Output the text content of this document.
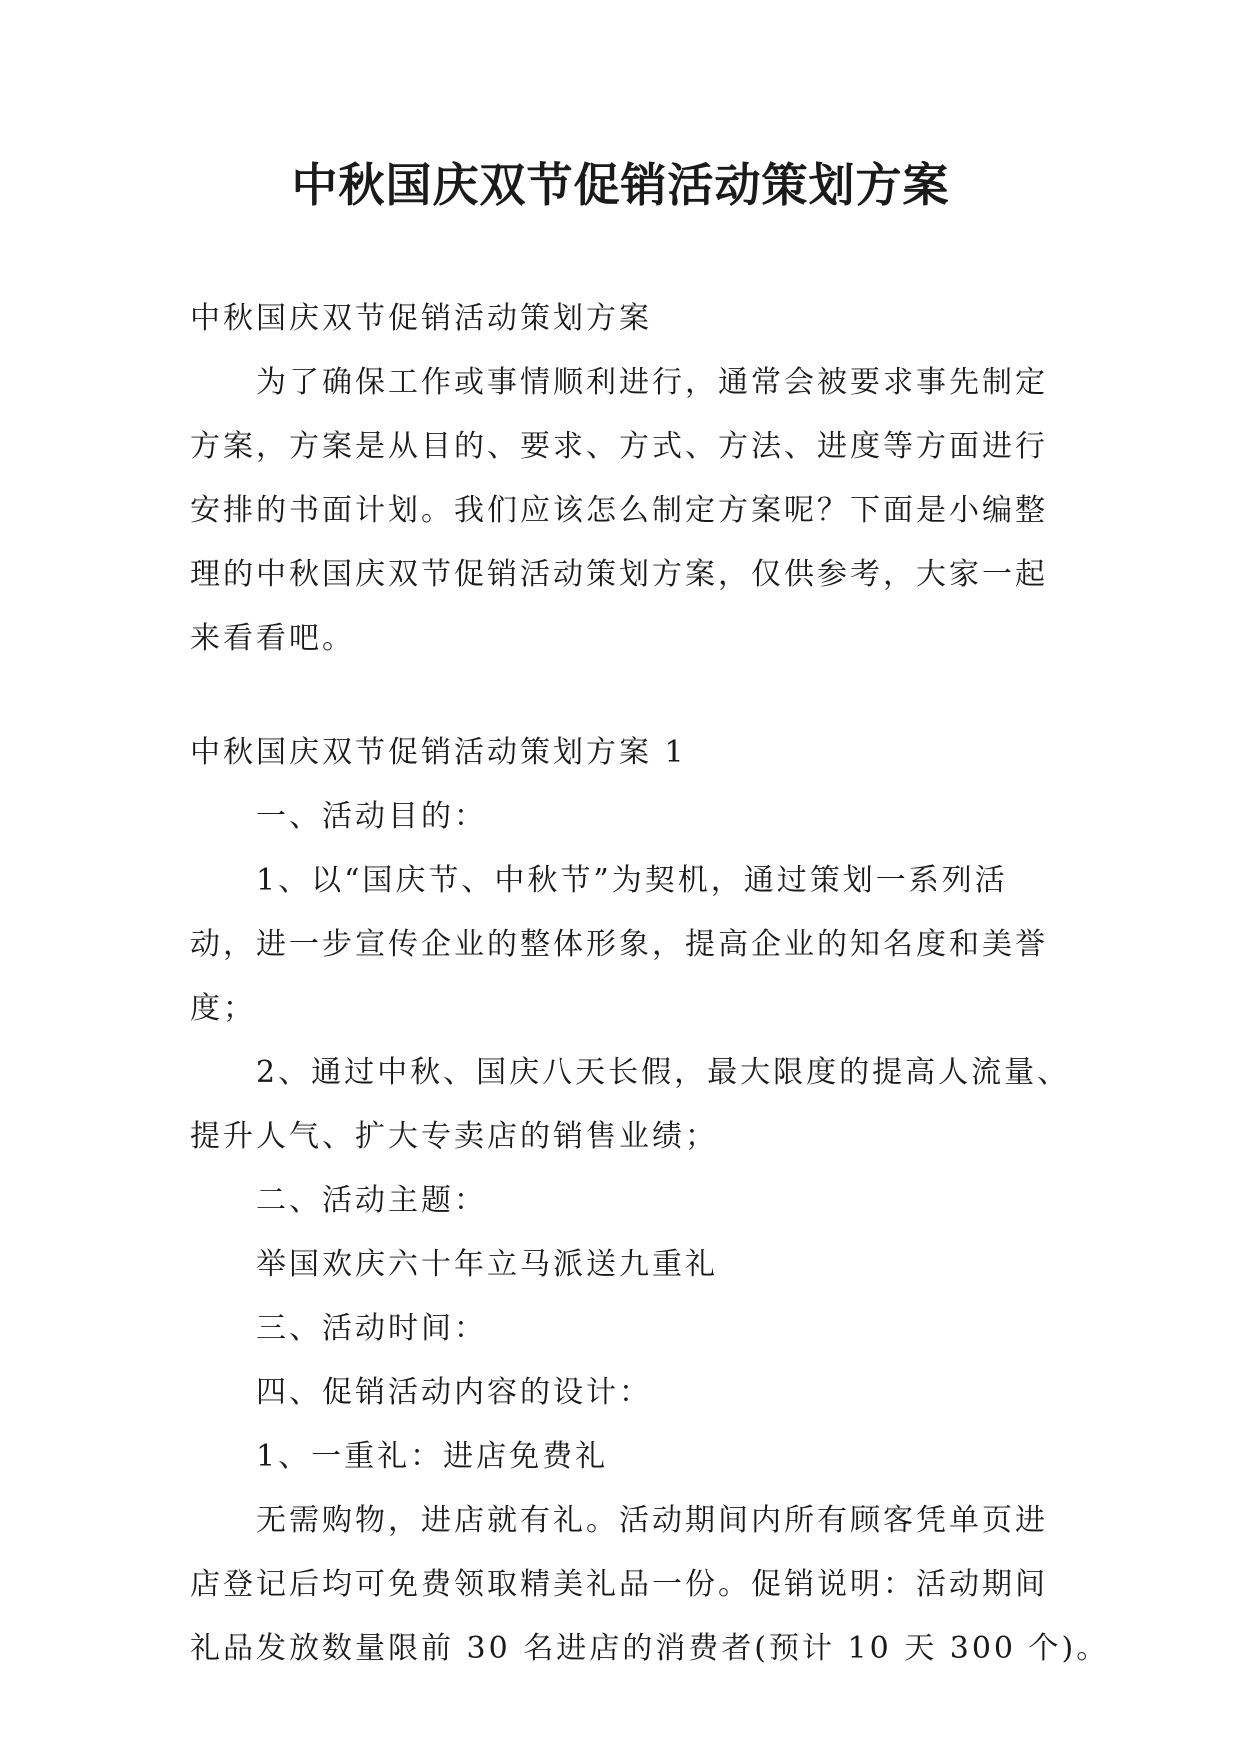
中秋国庆双节促销活动策划方案

中秋国庆双节促销活动策划方案

为了确保工作或事情顺利进行，通常会被要求事先制定

方案，方案是从目的、要求、方式、方法、进度等方面进行

安排的书面计划。我们应该怎么制定方案呢？下面是小编整

理的中秋国庆双节促销活动策划方案，仅供参考，大家一起

来看看吧。

中秋国庆双节促销活动策划方案 1

一、活动目的：

1、以“国庆节、中秋节”为契机，通过策划一系列活

动，进一步宣传企业的整体形象，提高企业的知名度和美誉

度；

2、通过中秋、国庆八天长假，最大限度的提高人流量、

提升人气、扩大专卖店的销售业绩；

二、活动主题：

举国欢庆六十年立马派送九重礼

三、活动时间：

四、促销活动内容的设计：

1、一重礼：进店免费礼

无需购物，进店就有礼。活动期间内所有顾客凭单页进

店登记后均可免费领取精美礼品一份。促销说明：活动期间

礼品发放数量限前 30 名进店的消费者(预计 10 天 300 个)。
